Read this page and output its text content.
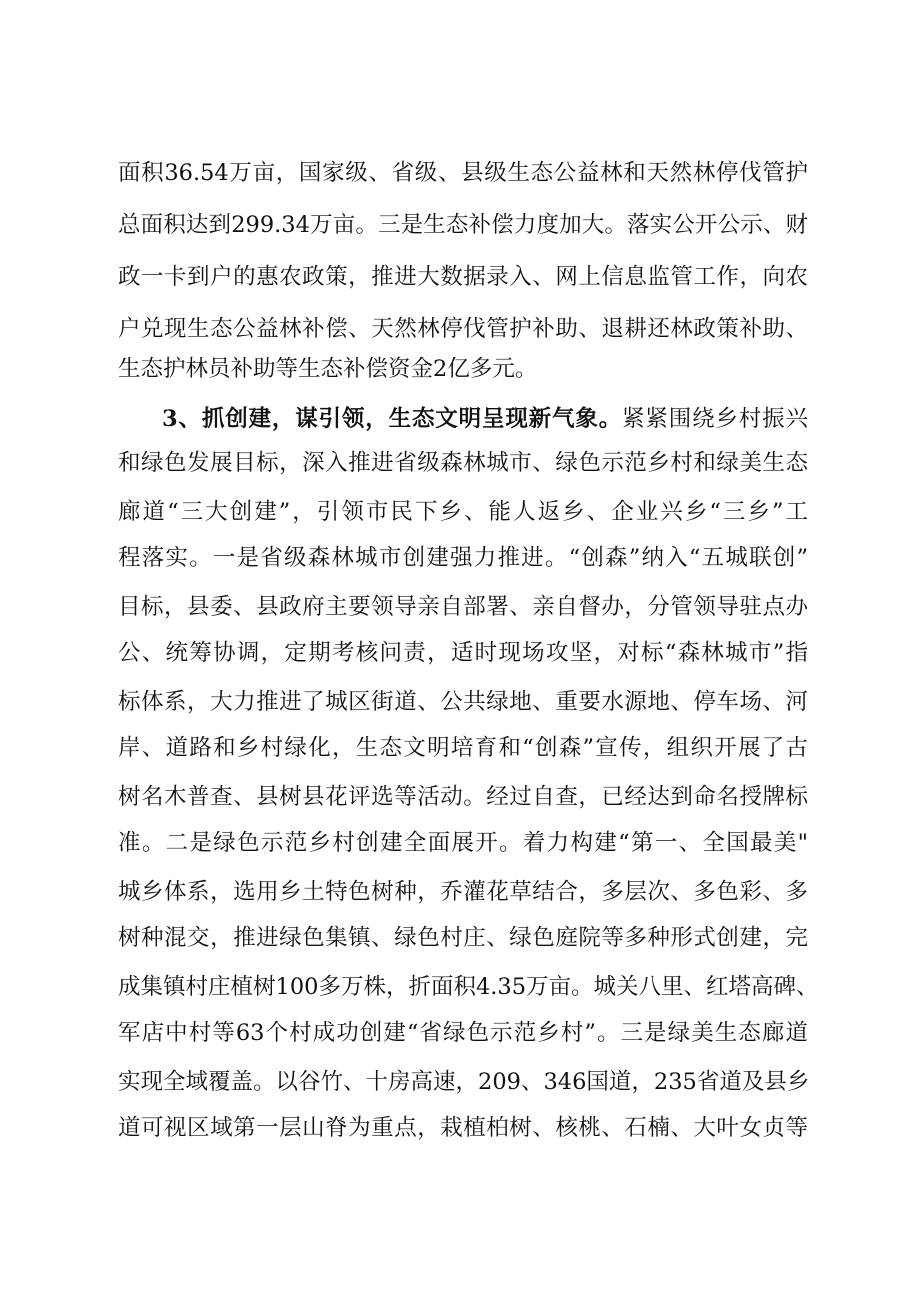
面积36.54万亩，国家级、省级、县级生态公益林和天然林停伐管护
总面积达到299.34万亩。三是生态补偿力度加大。落实公开公示、财
政一卡到户的惠农政策，推进大数据录入、网上信息监管工作，向农
户兑现生态公益林补偿、天然林停伐管护补助、退耕还林政策补助、
生态护林员补助等生态补偿资金2亿多元。
3、抓创建，谋引领，生态文明呈现新气象。紧紧围绕乡村振兴
和绿色发展目标，深入推进省级森林城市、绿色示范乡村和绿美生态
廊道“三大创建”，引领市民下乡、能人返乡、企业兴乡“三乡”工
程落实。一是省级森林城市创建强力推进。“创森”纳入“五城联创”
目标，县委、县政府主要领导亲自部署、亲自督办，分管领导驻点办
公、统筹协调，定期考核问责，适时现场攻坚，对标“森林城市”指
标体系，大力推进了城区街道、公共绿地、重要水源地、停车场、河
岸、道路和乡村绿化，生态文明培育和“创森”宣传，组织开展了古
树名木普查、县树县花评选等活动。经过自查，已经达到命名授牌标
准。二是绿色示范乡村创建全面展开。着力构建“第一、全国最美"
城乡体系，选用乡土特色树种，乔灌花草结合，多层次、多色彩、多
树种混交，推进绿色集镇、绿色村庄、绿色庭院等多种形式创建，完
成集镇村庄植树100多万株，折面积4.35万亩。城关八里、红塔高碑、
军店中村等63个村成功创建“省绿色示范乡村”。三是绿美生态廊道
实现全域覆盖。以谷竹、十房高速，209、346国道，235省道及县乡
道可视区域第一层山脊为重点，栽植柏树、核桃、石楠、大叶女贞等
